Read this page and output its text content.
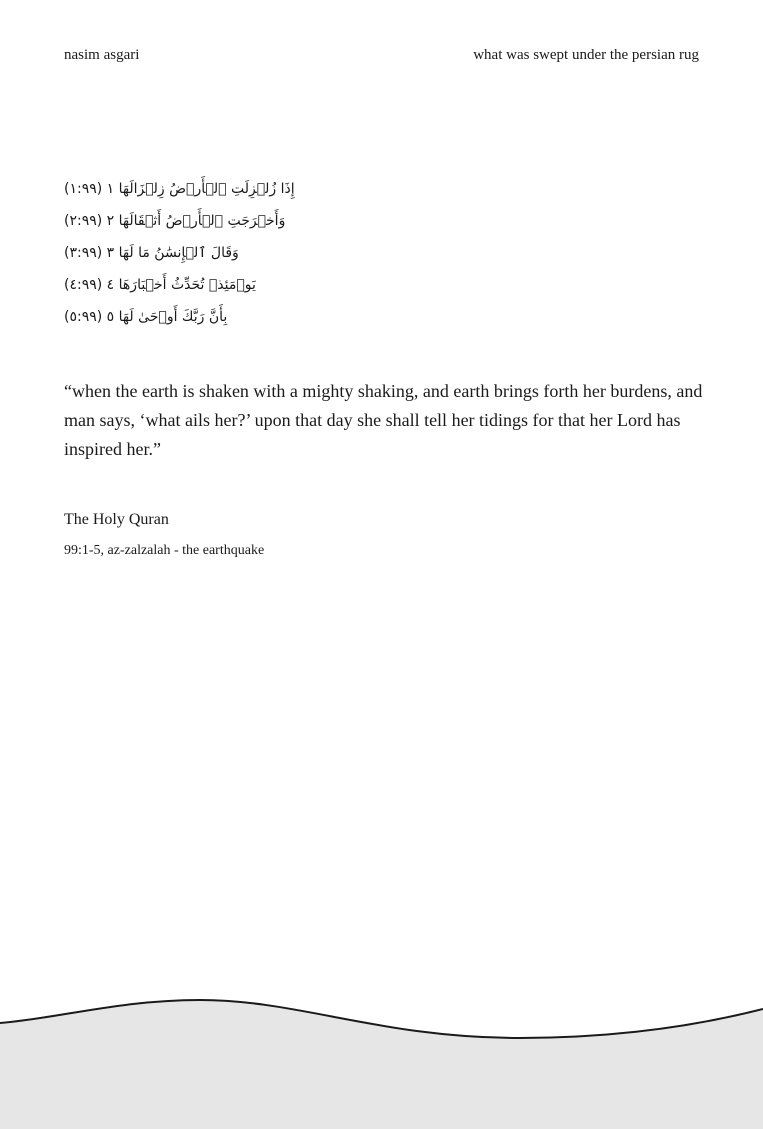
nasim asgari	what was swept under the persian rug
إِذَا زُلۡزِلَتِ ٱلۡأَرۡضُ زِلۡزَالَهَا ١ (۱:۹۹)
وَأَخۡرَجَتِ ٱلۡأَرۡضُ أَثۡقَالَهَا ٢ (۲:۹۹)
وَقَالَ ٱلۡإِنسَٰنُ مَا لَهَا ٣ (۳:۹۹)
يَوۡمَئِذٖ تُحَدِّثُ أَخۡبَارَهَا ٤ (٤:۹۹)
بِأَنَّ رَبَّكَ أَوۡحَىٰ لَهَا ٥ (٥:۹۹)

“when the earth is shaken with a mighty shaking, and earth brings forth her burdens, and man says, ‘what ails her?’ upon that day she shall tell her tidings for that her Lord has inspired her.”

The Holy Quran
99:1-5, az-zalzalah - the earthquake
